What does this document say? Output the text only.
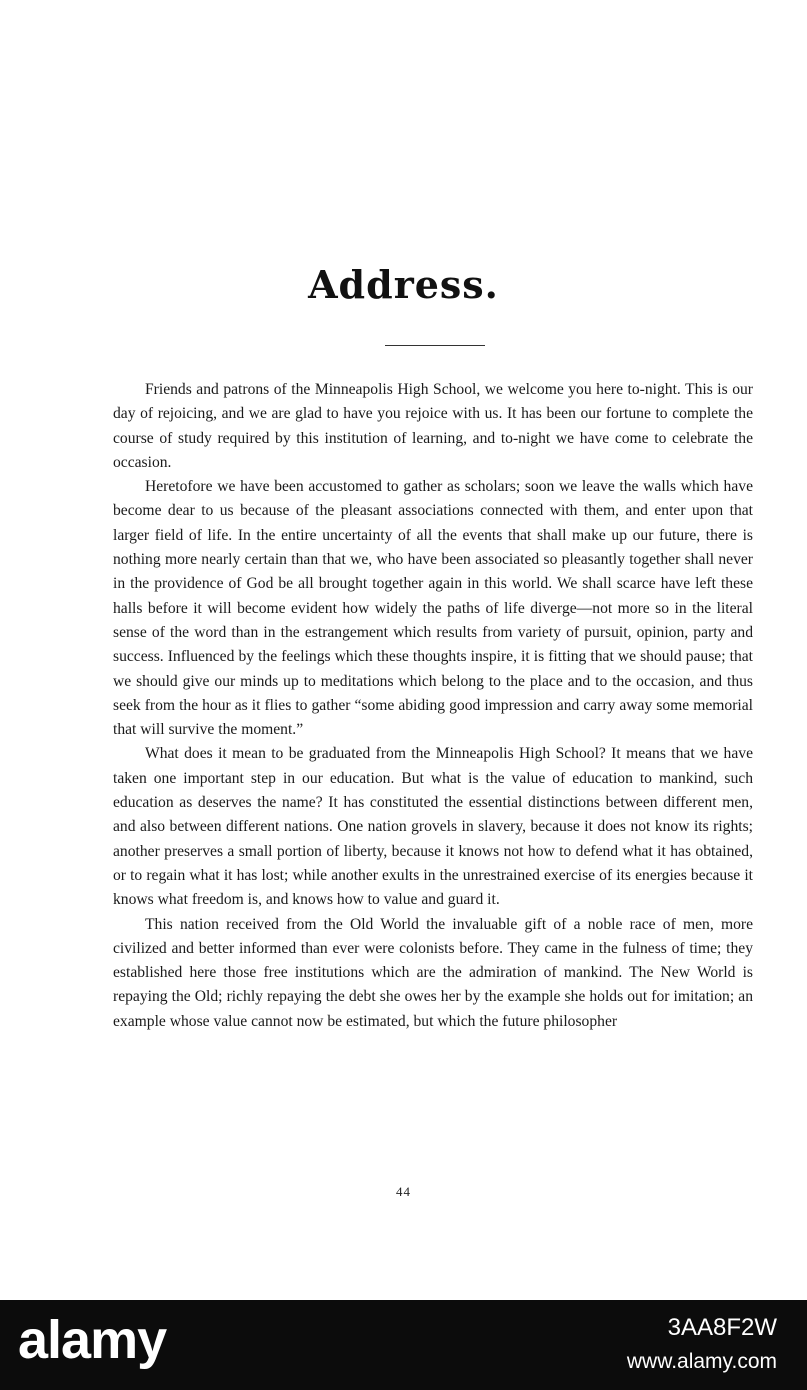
Address.

Friends and patrons of the Minneapolis High School, we welcome you here to-night. This is our day of rejoicing, and we are glad to have you rejoice with us. It has been our fortune to complete the course of study required by this institution of learning, and to-night we have come to celebrate the occasion.

Heretofore we have been accustomed to gather as scholars; soon we leave the walls which have become dear to us because of the pleasant associations connected with them, and enter upon that larger field of life. In the entire uncertainty of all the events that shall make up our future, there is nothing more nearly certain than that we, who have been associated so pleasantly together shall never in the providence of God be all brought together again in this world. We shall scarce have left these halls before it will become evident how widely the paths of life diverge—not more so in the literal sense of the word than in the estrangement which results from variety of pursuit, opinion, party and success. Influenced by the feelings which these thoughts inspire, it is fitting that we should pause; that we should give our minds up to meditations which belong to the place and to the occasion, and thus seek from the hour as it flies to gather “some abiding good impression and carry away some memorial that will survive the moment.”

What does it mean to be graduated from the Minneapolis High School? It means that we have taken one important step in our education. But what is the value of education to mankind, such education as deserves the name? It has constituted the essential distinctions between different men, and also between different nations. One nation grovels in slavery, because it does not know its rights; another preserves a small portion of liberty, because it knows not how to defend what it has obtained, or to regain what it has lost; while another exults in the unrestrained exercise of its energies because it knows what freedom is, and knows how to value and guard it.

This nation received from the Old World the invaluable gift of a noble race of men, more civilized and better informed than ever were colonists before. They came in the fulness of time; they established here those free institutions which are the admiration of mankind. The New World is repaying the Old; richly repaying the debt she owes her by the example she holds out for imitation; an example whose value cannot now be estimated, but which the future philosopher

44
alamy	3AA8F2W
www.alamy.com
